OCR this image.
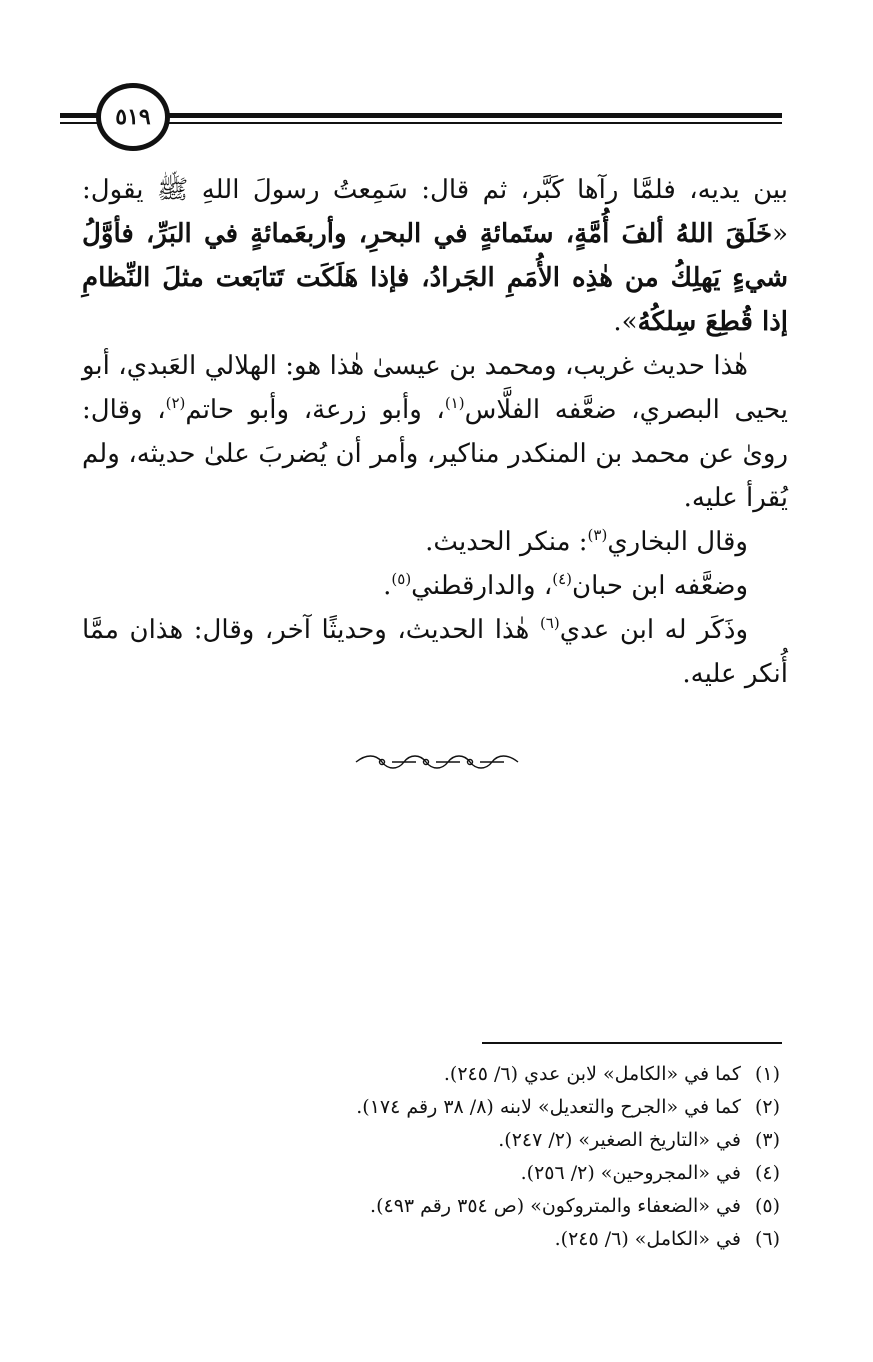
٥١٩

بين يديه، فلمَّا رآها كَبَّر، ثم قال: سَمِعتُ رسولَ اللهِ ﷺ يقول: «خَلَقَ اللهُ ألفَ أُمَّةٍ، ستَمائةٍ في البحرِ، وأربعَمائةٍ في البَرِّ، فأوَّلُ شيءٍ يَهلِكُ من هٰذِه الأُمَمِ الجَرادُ، فإذا هَلَكَت تَتابَعت مثلَ النِّظامِ إذا قُطِعَ سِلكُهُ».

هٰذا حديث غريب، ومحمد بن عيسىٰ هٰذا هو: الهلالي العَبدي، أبو يحيى البصري، ضعَّفه الفلَّاس$^{(١)}$، وأبو زرعة، وأبو حاتم$^{(٢)}$، وقال: رویٰ عن محمد بن المنكدر مناكير، وأمر أن يُضربَ علىٰ حديثه، ولم يُقرأ عليه.

وقال البخاري$^{(٣)}$: منكر الحديث.

وضعَّفه ابن حبان$^{(٤)}$، والدارقطني$^{(٥)}$.

وذَكَر له ابن عدي$^{(٦)}$ هٰذا الحديث، وحديثًا آخر، وقال: هذان ممَّا أُنكر عليه.

(١)كما في «الكامل» لابن عدي (٦/ ٢٤٥).
(٢)كما في «الجرح والتعديل» لابنه (٨/ ٣٨ رقم ١٧٤).
(٣)في «التاريخ الصغير» (٢/ ٢٤٧).
(٤)في «المجروحين» (٢/ ٢٥٦).
(٥)في «الضعفاء والمتروكون» (ص ٣٥٤ رقم ٤٩٣).
(٦)في «الكامل» (٦/ ٢٤٥).
